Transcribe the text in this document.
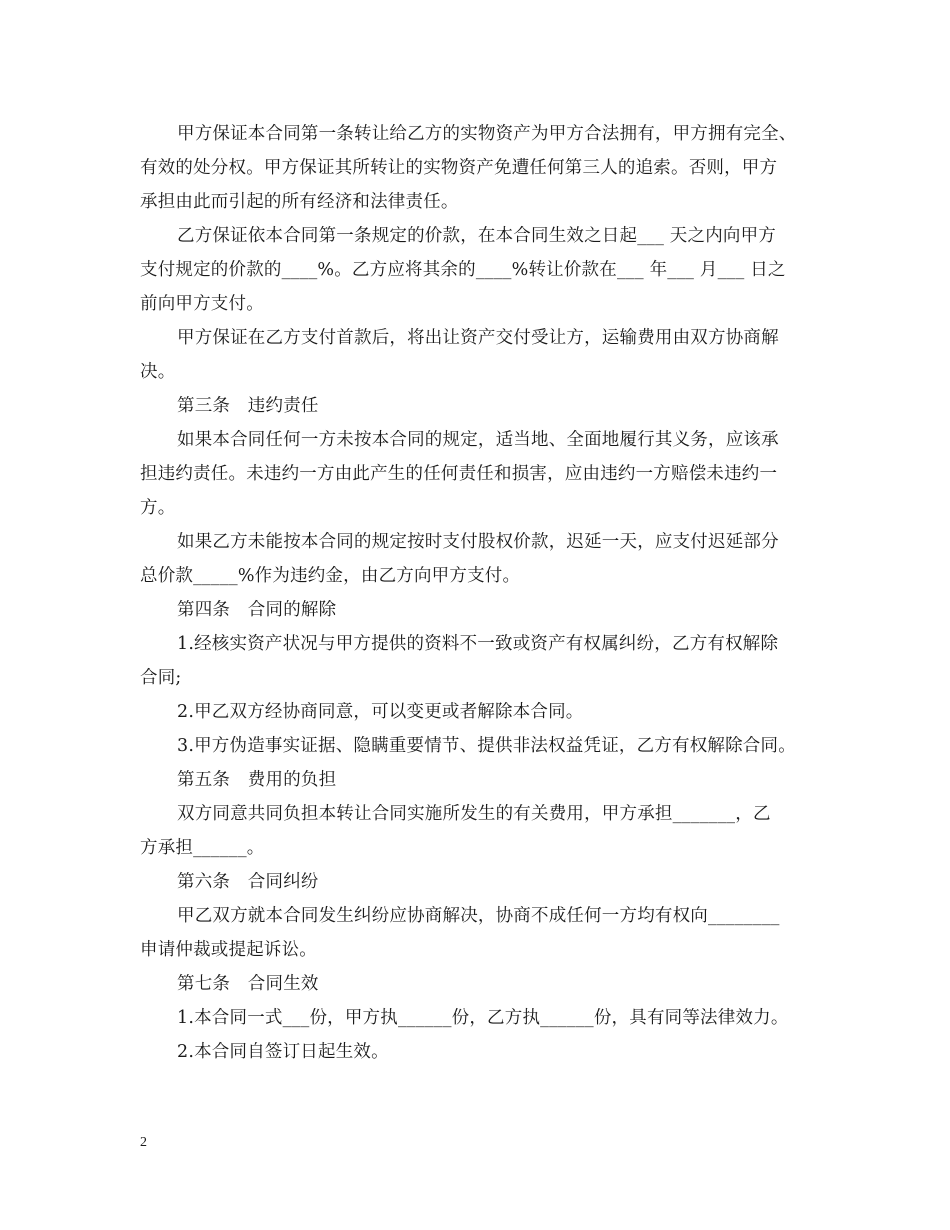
甲方保证本合同第一条转让给乙方的实物资产为甲方合法拥有，甲方拥有完全、
有效的处分权。甲方保证其所转让的实物资产免遭任何第三人的追索。否则，甲方
承担由此而引起的所有经济和法律责任。
乙方保证依本合同第一条规定的价款，在本合同生效之日起___ 天之内向甲方
支付规定的价款的____%。乙方应将其余的____%转让价款在___ 年___ 月___ 日之
前向甲方支付。
甲方保证在乙方支付首款后，将出让资产交付受让方，运输费用由双方协商解
决。
第三条　违约责任
如果本合同任何一方未按本合同的规定，适当地、全面地履行其义务，应该承
担违约责任。未违约一方由此产生的任何责任和损害，应由违约一方赔偿未违约一
方。
如果乙方未能按本合同的规定按时支付股权价款，迟延一天，应支付迟延部分
总价款_____%作为违约金，由乙方向甲方支付。
第四条　合同的解除
1.经核实资产状况与甲方提供的资料不一致或资产有权属纠纷，乙方有权解除
合同;
2.甲乙双方经协商同意，可以变更或者解除本合同。
3.甲方伪造事实证据、隐瞒重要情节、提供非法权益凭证，乙方有权解除合同。
第五条　费用的负担
双方同意共同负担本转让合同实施所发生的有关费用，甲方承担_______，乙
方承担______。
第六条　合同纠纷
甲乙双方就本合同发生纠纷应协商解决，协商不成任何一方均有权向________
申请仲裁或提起诉讼。
第七条　合同生效
1.本合同一式___份，甲方执______份，乙方执______份，具有同等法律效力。
2.本合同自签订日起生效。
2
